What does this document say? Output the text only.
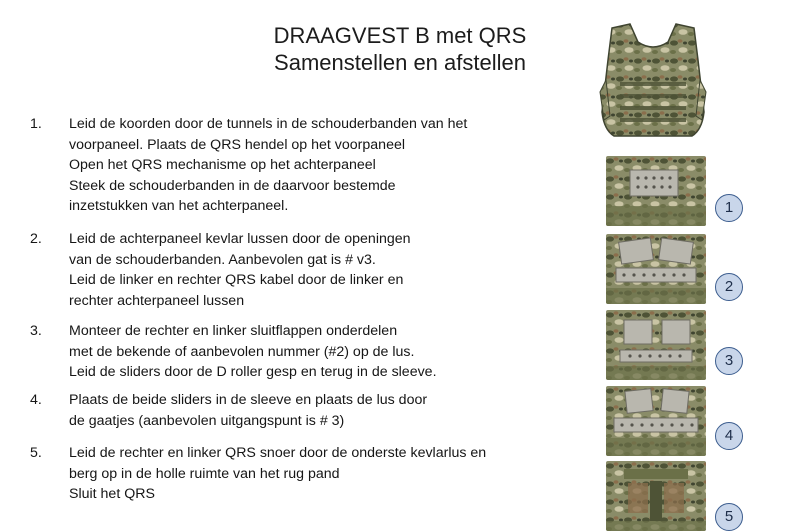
DRAAGVEST B met QRS
Samenstellen en afstellen
1.	Leid de koorden door de tunnels in de schouderbanden van het
voorpaneel. Plaats de QRS hendel op het voorpaneel
Open het QRS mechanisme op het achterpaneel
Steek de schouderbanden in de daarvoor bestemde
inzetstukken van het achterpaneel.
2.	Leid de achterpaneel kevlar lussen door de openingen
van de schouderbanden. Aanbevolen gat is # v3.
Leid de linker en rechter QRS kabel door de linker en
rechter achterpaneel lussen
3.	Monteer de rechter en linker sluitflappen onderdelen
met de bekende of aanbevolen nummer (#2) op de lus.
Leid de sliders door de D roller gesp en terug in de sleeve.
4.	Plaats de beide sliders in de sleeve en plaats de lus door
de gaatjes (aanbevolen uitgangspunt is # 3)
5.	Leid de rechter en linker QRS snoer door de onderste kevlarlus en
berg op in de holle ruimte van het rug pand
Sluit het QRS
1
2
3
4
5
